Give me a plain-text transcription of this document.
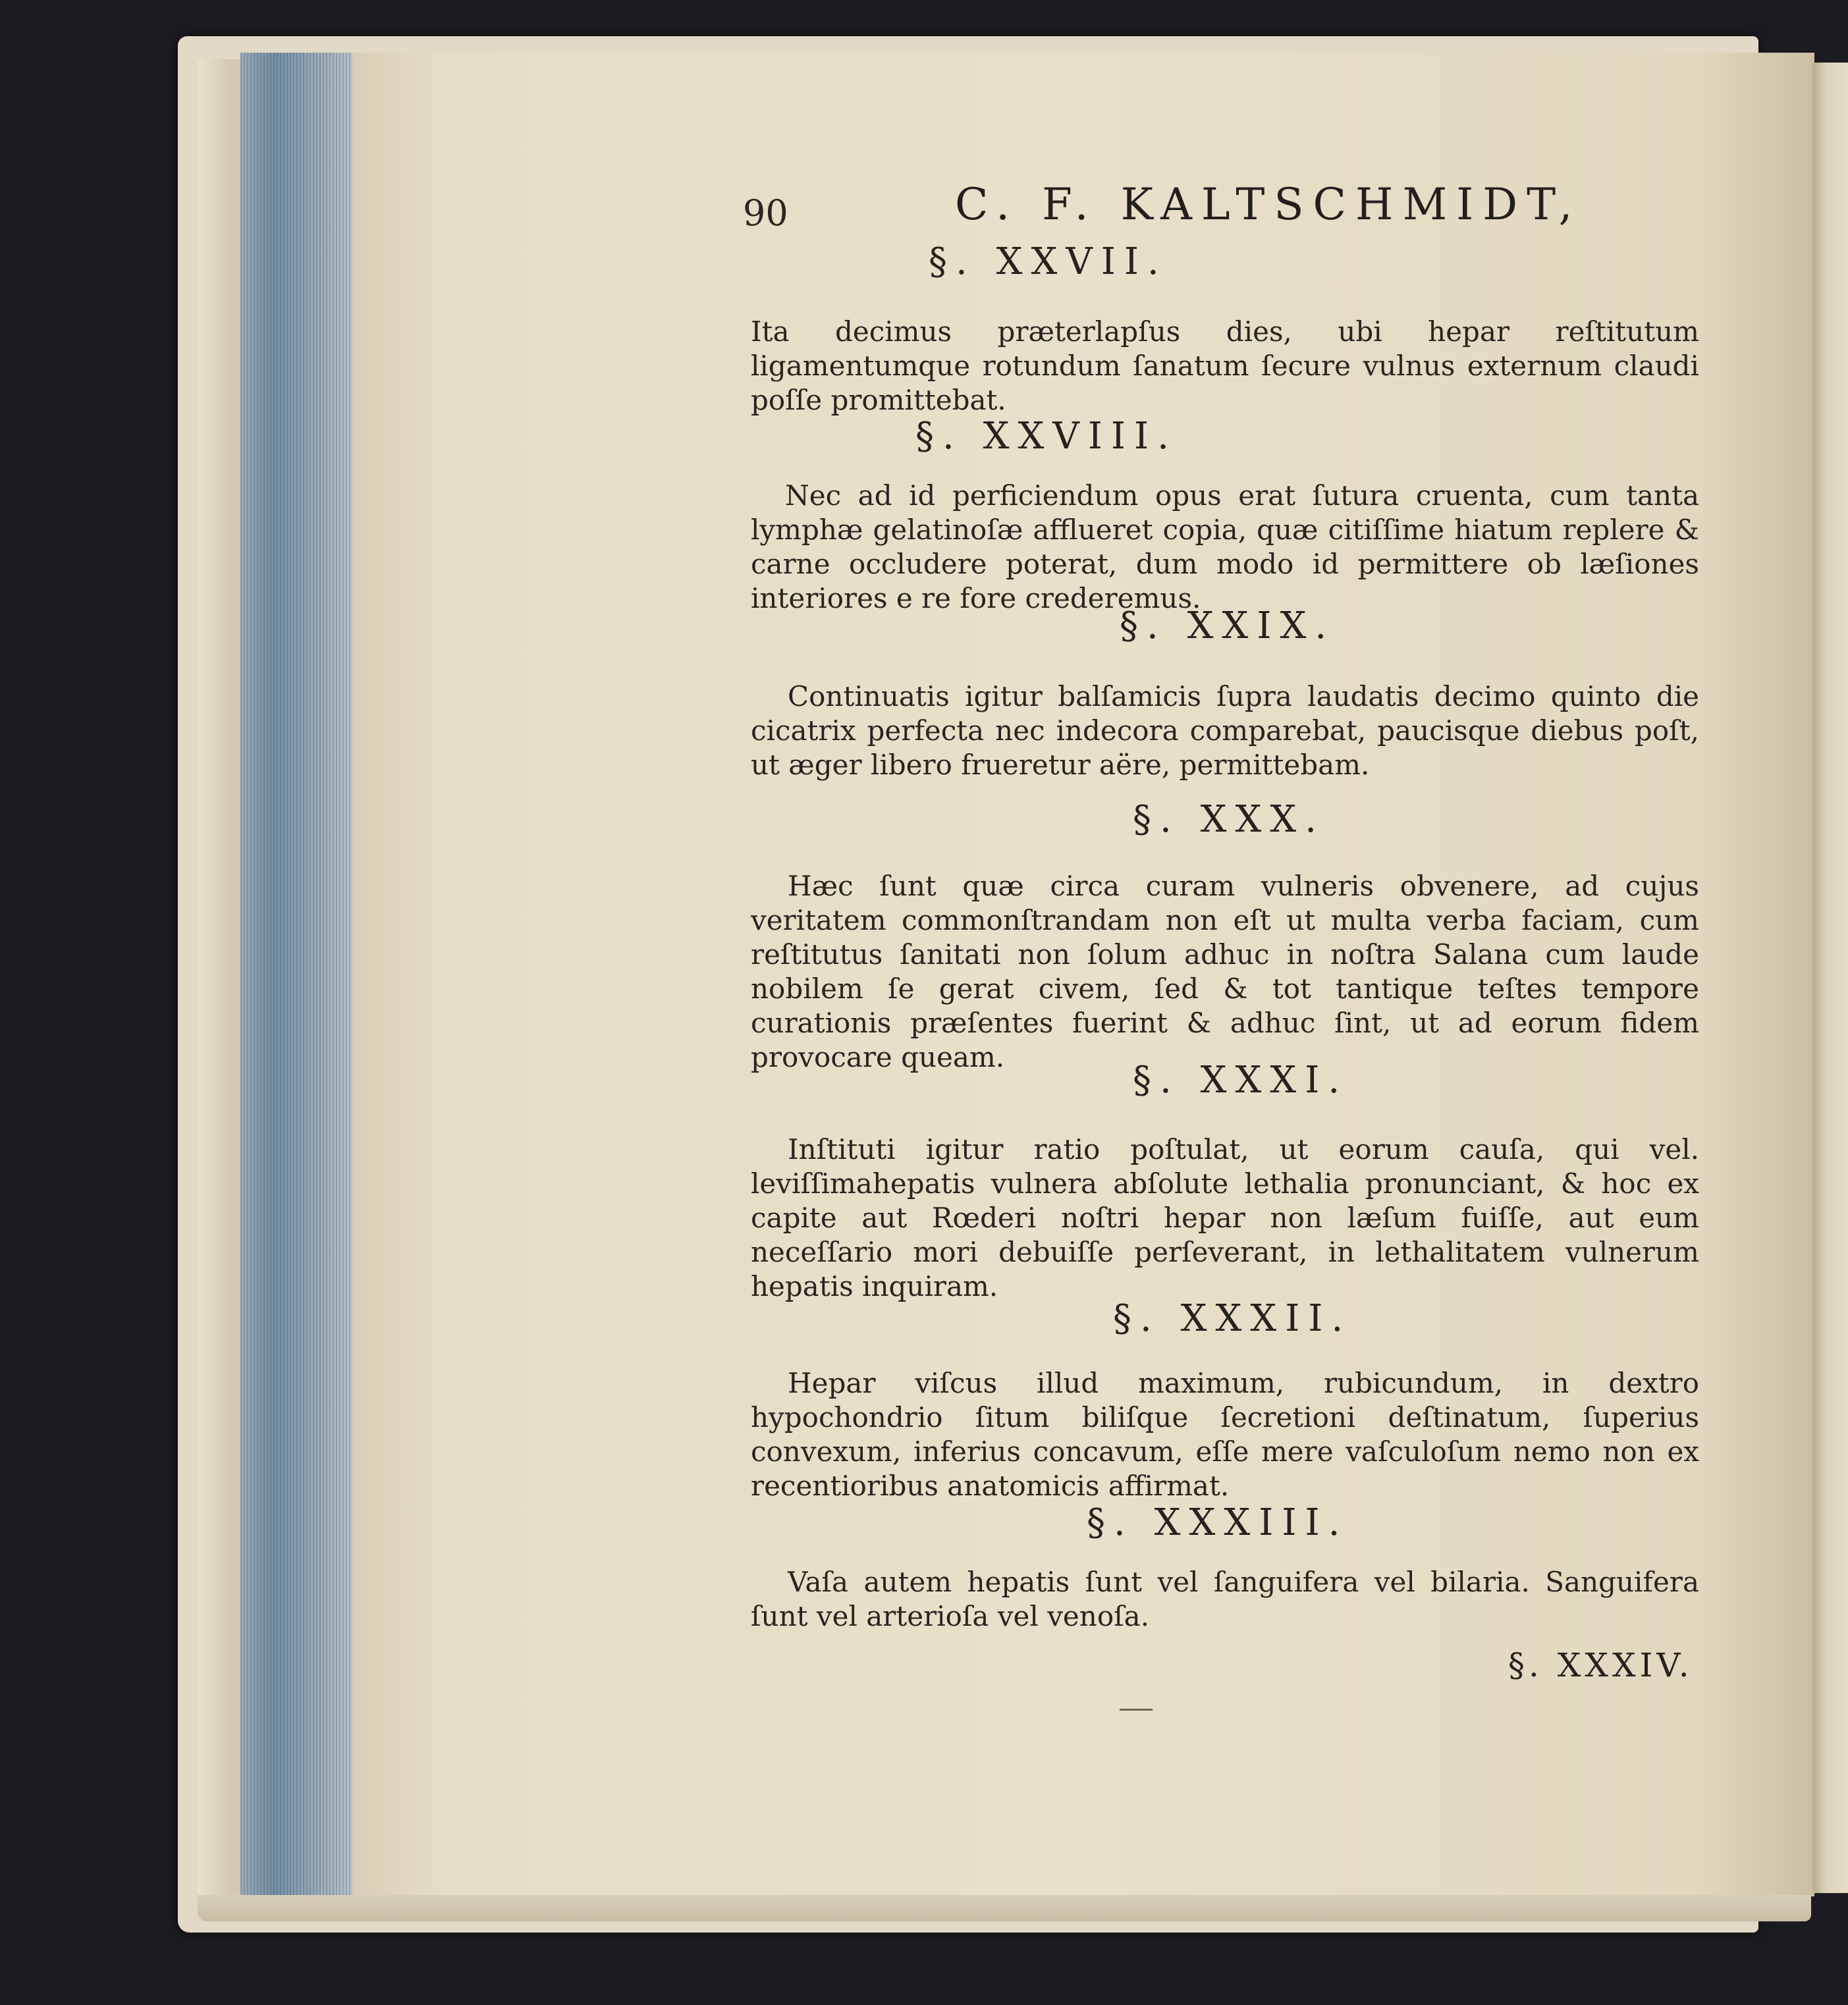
90	C. F. KALTSCHMIDT,
§. XXVII.

Ita decimus præterlapſus dies, ubi hepar reſtitutum ligamentumque rotundum ſanatum ſecure vulnus externum claudi poſſe promittebat.

§. XXVIII.

Nec ad id perficiendum opus erat ſutura cruenta, cum tanta lymphæ gelatinoſæ afflueret copia, quæ citiſſime hiatum replere & carne occludere poterat, dum modo id permittere ob læſiones interiores e re fore crederemus.

§. XXIX.

Continuatis igitur balſamicis ſupra laudatis decimo quinto die cicatrix perfecta nec indecora comparebat, paucisque diebus poſt, ut æger libero frueretur aëre, permittebam.

§. XXX.

Hæc ſunt quæ circa curam vulneris obvenere, ad cujus veritatem commonſtrandam non eſt ut multa verba faciam, cum reſtitutus ſanitati non ſolum adhuc in noſtra Salana cum laude nobilem ſe gerat civem, ſed & tot tantique teſtes tempore curationis præſentes fuerint & adhuc ſint, ut ad eorum fidem provocare queam.

§. XXXI.

Inſtituti igitur ratio poſtulat, ut eorum cauſa, qui vel. leviſſimahepatis vulnera abſolute lethalia pronunciant, & hoc ex capite aut Rœderi noſtri hepar non læſum fuiſſe, aut eum neceſſario mori debuiſſe perſeverant, in lethalitatem vulnerum hepatis inquiram.

§. XXXII.

Hepar viſcus illud maximum, rubicundum, in dextro hypochondrio ſitum biliſque ſecretioni deſtinatum, ſuperius convexum, inferius concavum, eſſe mere vaſculoſum nemo non ex recentioribus anatomicis affirmat.

§. XXXIII.

Vaſa autem hepatis ſunt vel ſanguifera vel bilaria. Sanguifera ſunt vel arterioſa vel venoſa.

§. XXXIV.
